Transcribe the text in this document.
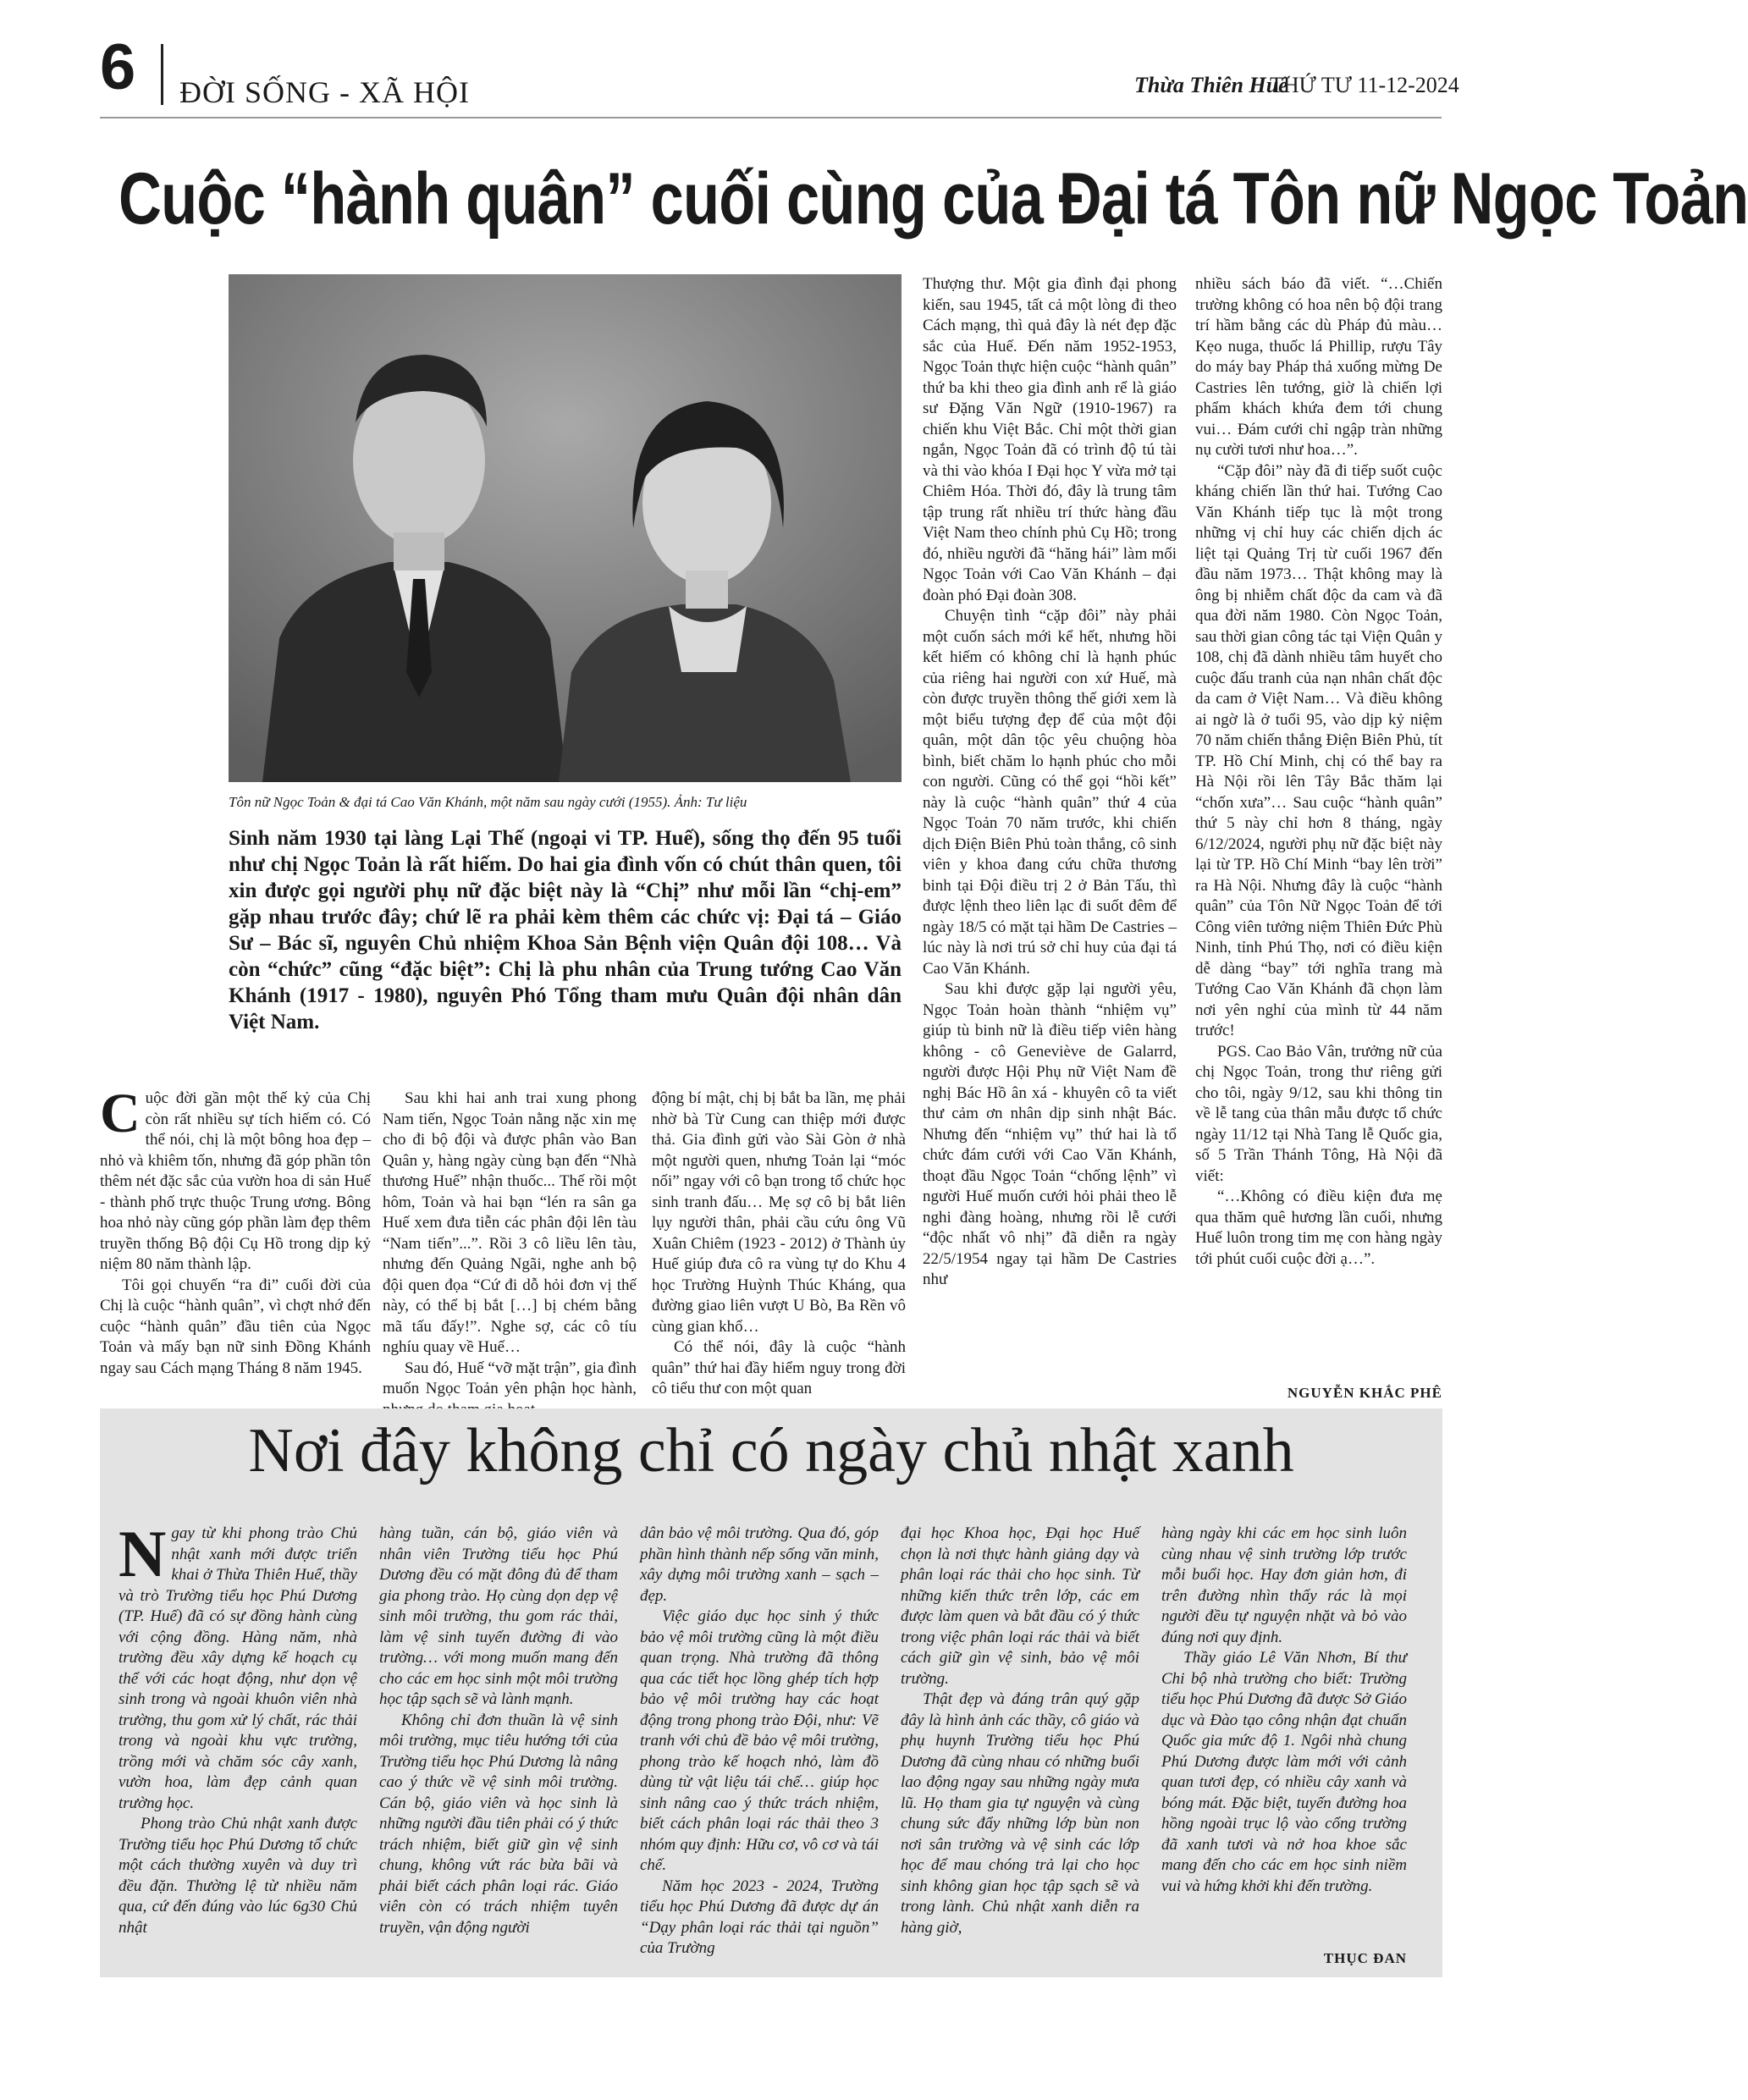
6 ĐỜI SỐNG - XÃ HỘI	Thừa Thiên Huế
THỨ TƯ 11-12-2024
Cuộc “hành quân” cuối cùng của Đại tá Tôn nữ Ngọc Toản
Tôn nữ Ngọc Toản & đại tá Cao Văn Khánh, một năm sau ngày cưới (1955). Ảnh: Tư liệu
Sinh năm 1930 tại làng Lại Thế (ngoại vi TP. Huế), sống thọ đến 95 tuổi như chị Ngọc Toản là rất hiếm. Do hai gia đình vốn có chút thân quen, tôi xin được gọi người phụ nữ đặc biệt này là “Chị” như mỗi lần “chị-em” gặp nhau trước đây; chứ lẽ ra phải kèm thêm các chức vị: Đại tá – Giáo Sư – Bác sĩ, nguyên Chủ nhiệm Khoa Sản Bệnh viện Quân đội 108… Và còn “chức” cũng “đặc biệt”: Chị là phu nhân của Trung tướng Cao Văn Khánh (1917 - 1980), nguyên Phó Tổng tham mưu Quân đội nhân dân Việt Nam.

Cuộc đời gần một thế kỷ của Chị còn rất nhiều sự tích hiếm có. Có thể nói, chị là một bông hoa đẹp – nhỏ và khiêm tốn, nhưng đã góp phần tôn thêm nét đặc sắc của vườn hoa di sản Huế - thành phố trực thuộc Trung ương. Bông hoa nhỏ này cũng góp phần làm đẹp thêm truyền thống Bộ đội Cụ Hồ trong dịp kỷ niệm 80 năm thành lập.

Tôi gọi chuyến “ra đi” cuối đời của Chị là cuộc “hành quân”, vì chợt nhớ đến cuộc “hành quân” đầu tiên của Ngọc Toản và mấy bạn nữ sinh Đồng Khánh ngay sau Cách mạng Tháng 8 năm 1945.

Sau khi hai anh trai xung phong Nam tiến, Ngọc Toản nằng nặc xin mẹ cho đi bộ đội và được phân vào Ban Quân y, hàng ngày cùng bạn đến “Nhà thương Huế” nhận thuốc... Thế rồi một hôm, Toản và hai bạn “lén ra sân ga Huế xem đưa tiễn các phân đội lên tàu “Nam tiến”...”. Rồi 3 cô liều lên tàu, nhưng đến Quảng Ngãi, nghe anh bộ đội quen đọa “Cứ đi dỗ hỏi đơn vị thế này, có thể bị bắt […] bị chém bằng mã tấu đấy!”. Nghe sợ, các cô tíu nghíu quay về Huế…

Sau đó, Huế “vỡ mặt trận”, gia đình muốn Ngọc Toản yên phận học hành,

động bí mật, chị bị bắt ba lần, mẹ phải nhờ bà Từ Cung can thiệp mới được thả. Gia đình gửi vào Sài Gòn ở nhà một người quen, nhưng Toản lại “móc nối” ngay với cô bạn trong tổ chức học sinh tranh đấu… Mẹ sợ cô bị bắt liên lụy người thân, phải cầu cứu ông Vũ Xuân Chiêm (1923 - 2012) ở Thành ủy Huế giúp đưa cô ra vùng tự do Khu 4 học Trường Huỳnh Thúc Kháng, qua đường giao liên vượt U Bò, Ba Rền vô cùng gian khổ…

Có thể nói, đây là cuộc “hành quân” thứ hai đầy hiểm nguy trong đời cô tiểu thư con một quan

Thượng thư. Một gia đình đại phong kiến, sau 1945, tất cả một lòng đi theo Cách mạng, thì quả đây là nét đẹp đặc sắc của Huế. Đến năm 1952-1953, Ngọc Toản thực hiện cuộc “hành quân” thứ ba khi theo gia đình anh rể là giáo sư Đặng Văn Ngữ (1910-1967) ra chiến khu Việt Bắc. Chỉ một thời gian ngắn, Ngọc Toản đã có trình độ tú tài và thi vào khóa I Đại học Y vừa mở tại Chiêm Hóa. Thời đó, đây là trung tâm tập trung rất nhiều trí thức hàng đầu Việt Nam theo chính phủ Cụ Hồ; trong đó, nhiều người đã “hăng hái” làm mối Ngọc Toản với Cao Văn Khánh – đại đoàn phó Đại đoàn 308.

Chuyện tình “cặp đôi” này phải một cuốn sách mới kể hết, nhưng hồi kết hiếm có không chỉ là hạnh phúc của riêng hai người con xứ Huế, mà còn được truyền thông thế giới xem là một biểu tượng đẹp để của một đội quân, một dân tộc yêu chuộng hòa bình, biết chăm lo hạnh phúc cho mỗi con người. Cũng có thể gọi “hồi kết” này là cuộc “hành quân” thứ 4 của Ngọc Toản 70 năm trước, khi chiến dịch Điện Biên Phủ toàn thắng, cô sinh viên y khoa đang cứu chữa thương binh tại Đội điều trị 2 ở Bản Tấu, thì được lệnh theo liên lạc đi suốt đêm để ngày 18/5 có mặt tại hầm De Castries – lúc này là nơi trú sở chỉ huy của đại tá Cao Văn Khánh.

Sau khi được gặp lại người yêu, Ngọc Toản hoàn thành “nhiệm vụ” giúp tù binh nữ là điều tiếp viên hàng không - cô Geneviève de Galarrd, người được Hội Phụ nữ Việt Nam đề nghị Bác Hồ ân xá - khuyên cô ta viết thư cảm ơn nhân dịp sinh nhật Bác. Nhưng đến “nhiệm vụ” thứ hai là tổ chức đám cưới với Cao Văn Khánh, thoạt đầu Ngọc Toản “chống lệnh” vì người Huế muốn cưới hỏi phải theo lễ nghi đàng hoàng, nhưng rồi lễ cưới “độc nhất vô nhị” đã diễn ra ngày 22/5/1954 ngay tại hầm De Castries như

nhiều sách báo đã viết. “…Chiến trường không có hoa nên bộ đội trang trí hầm bằng các dù Pháp đủ màu… Kẹo nuga, thuốc lá Phillip, rượu Tây do máy bay Pháp thả xuống mừng De Castries lên tướng, giờ là chiến lợi phẩm khách khứa đem tới chung vui… Đám cưới chỉ ngập tràn những nụ cười tươi như hoa…”.

“Cặp đôi” này đã đi tiếp suốt cuộc kháng chiến lần thứ hai. Tướng Cao Văn Khánh tiếp tục là một trong những vị chỉ huy các chiến dịch ác liệt tại Quảng Trị từ cuối 1967 đến đầu năm 1973… Thật không may là ông bị nhiễm chất độc da cam và đã qua đời năm 1980. Còn Ngọc Toản, sau thời gian công tác tại Viện Quân y 108, chị đã dành nhiều tâm huyết cho cuộc đấu tranh của nạn nhân chất độc da cam ở Việt Nam… Và điều không ai ngờ là ở tuổi 95, vào dịp kỷ niệm 70 năm chiến thắng Điện Biên Phủ, tít TP. Hồ Chí Minh, chị có thể bay ra Hà Nội rồi lên Tây Bắc thăm lại “chốn xưa”… Sau cuộc “hành quân” thứ 5 này chỉ hơn 8 tháng, ngày 6/12/2024, người phụ nữ đặc biệt này lại từ TP. Hồ Chí Minh “bay lên trời” ra Hà Nội. Nhưng đây là cuộc “hành quân” của Tôn Nữ Ngọc Toản để tới Công viên tưởng niệm Thiên Đức Phù Ninh, tỉnh Phú Thọ, nơi có điều kiện dễ dàng “bay” tới nghĩa trang mà Tướng Cao Văn Khánh đã chọn làm nơi yên nghỉ của mình từ 44 năm trước!

PGS. Cao Bảo Vân, trưởng nữ của chị Ngọc Toản, trong thư riêng gửi cho tôi, ngày 9/12, sau khi thông tin về lễ tang của thân mẫu được tổ chức ngày 11/12 tại Nhà Tang lễ Quốc gia, số 5 Trần Thánh Tông, Hà Nội đã viết:

“…Không có điều kiện đưa mẹ qua thăm quê hương lần cuối, nhưng Huế luôn trong tim mẹ con hàng ngày tới phút cuối cuộc đời ạ…”.

NGUYỄN KHẮC PHÊ
Nơi đây không chỉ có ngày chủ nhật xanh

Ngay từ khi phong trào Chủ nhật xanh mới được triển khai ở Thừa Thiên Huế, thầy và trò Trường tiểu học Phú Dương (TP. Huế) đã có sự đồng hành cùng với cộng đồng. Hàng năm, nhà trường đều xây dựng kế hoạch cụ thể với các hoạt động, như dọn vệ sinh trong và ngoài khuôn viên nhà trường, thu gom xử lý chất, rác thải trong và ngoài khu vực trường, trồng mới và chăm sóc cây xanh, vườn hoa, làm đẹp cảnh quan trường học.

Phong trào Chủ nhật xanh được Trường tiểu học Phú Dương tổ chức một cách thường xuyên và duy trì đều đặn. Thường lệ từ nhiều năm qua, cứ đến đúng vào lúc 6g30 Chủ nhật

hàng tuần, cán bộ, giáo viên và nhân viên Trường tiểu học Phú Dương đều có mặt đông đủ để tham gia phong trào. Họ cùng dọn dẹp vệ sinh môi trường, thu gom rác thải, làm vệ sinh tuyến đường đi vào trường… với mong muốn mang đến cho các em học sinh một môi trường học tập sạch sẽ và lành mạnh.

Không chỉ đơn thuần là vệ sinh môi trường, mục tiêu hướng tới của Trường tiểu học Phú Dương là nâng cao ý thức về vệ sinh môi trường. Cán bộ, giáo viên và học sinh là những người đầu tiên phải có ý thức trách nhiệm, biết giữ gìn vệ sinh chung, không vứt rác bừa bãi và phải biết cách phân loại rác. Giáo viên còn có trách nhiệm tuyên truyền, vận động người

dân bảo vệ môi trường. Qua đó, góp phần hình thành nếp sống văn minh, xây dựng môi trường xanh – sạch – đẹp.

Việc giáo dục học sinh ý thức bảo vệ môi trường cũng là một điều quan trọng. Nhà trường đã thông qua các tiết học lồng ghép tích hợp bảo vệ môi trường hay các hoạt động trong phong trào Đội, như: Vẽ tranh với chủ đề bảo vệ môi trường, phong trào kế hoạch nhỏ, làm đồ dùng từ vật liệu tái chế… giúp học sinh nâng cao ý thức trách nhiệm, biết cách phân loại rác thải theo 3 nhóm quy định: Hữu cơ, vô cơ và tái chế.

Năm học 2023 - 2024, Trường tiểu học Phú Dương đã được dự án “Dạy phân loại rác thải tại nguồn” của Trường

đại học Khoa học, Đại học Huế chọn là nơi thực hành giảng dạy và phân loại rác thải cho học sinh. Từ những kiến thức trên lớp, các em được làm quen và bắt đầu có ý thức trong việc phân loại rác thải và biết cách giữ gìn vệ sinh, bảo vệ môi trường.

Thật đẹp và đáng trân quý gặp đây là hình ảnh các thầy, cô giáo và phụ huynh Trường tiểu học Phú Dương đã cùng nhau có những buổi lao động ngay sau những ngày mưa lũ. Họ tham gia tự nguyện và cùng chung sức đẩy những lớp bùn non nơi sân trường và vệ sinh các lớp học để mau chóng trả lại cho học sinh không gian học tập sạch sẽ và trong lành. Chủ nhật xanh diễn ra hàng giờ,

hàng ngày khi các em học sinh luôn cùng nhau vệ sinh trường lớp trước mỗi buổi học. Hay đơn giản hơn, đi trên đường nhìn thấy rác là mọi người đều tự nguyện nhặt và bỏ vào đúng nơi quy định.

Thầy giáo Lê Văn Nhơn, Bí thư Chi bộ nhà trường cho biết: Trường tiểu học Phú Dương đã được Sở Giáo dục và Đào tạo công nhận đạt chuẩn Quốc gia mức độ 1. Ngôi nhà chung Phú Dương được làm mới với cảnh quan tươi đẹp, có nhiều cây xanh và bóng mát. Đặc biệt, tuyến đường hoa hồng ngoài trục lộ vào cổng trường đã xanh tươi và nở hoa khoe sắc mang đến cho các em học sinh niềm vui và hứng khởi khi đến trường.

THỤC ĐAN
